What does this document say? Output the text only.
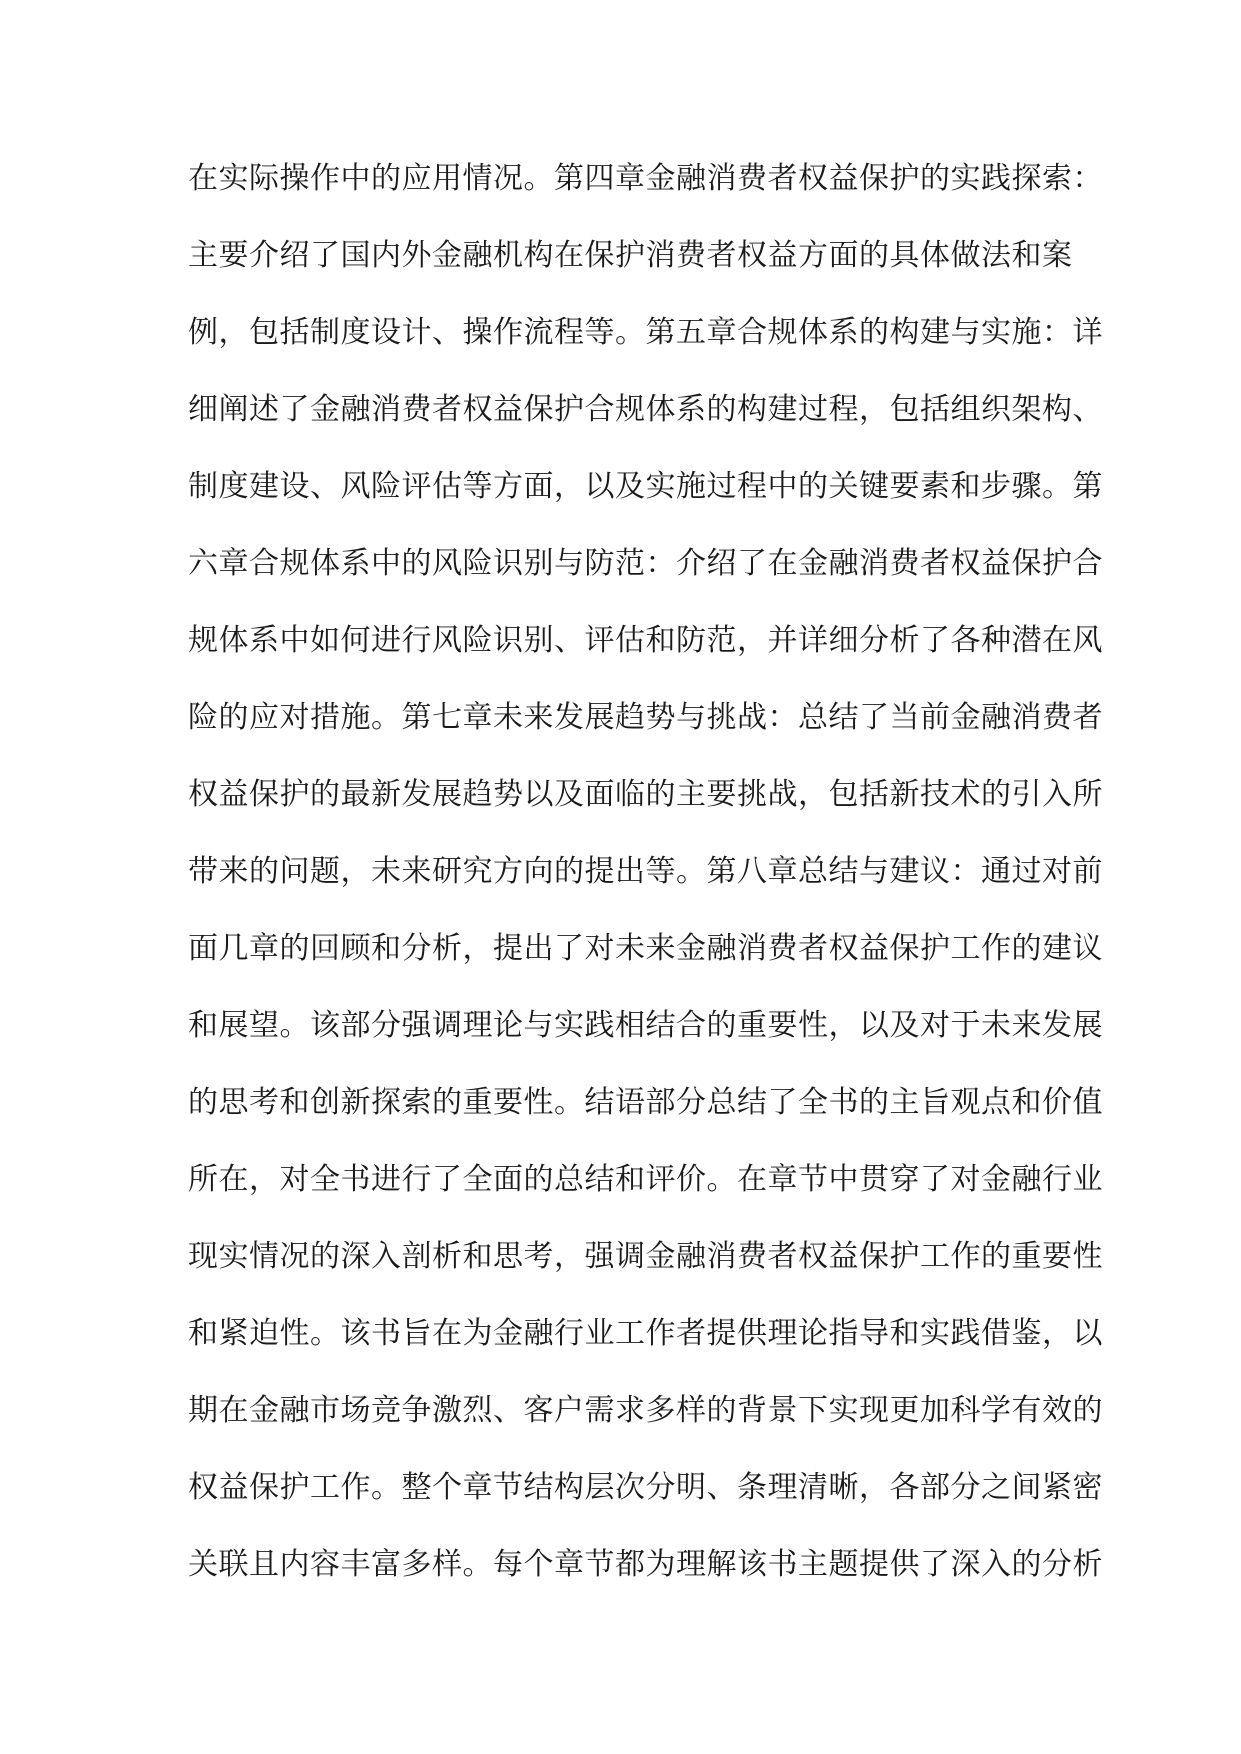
在实际操作中的应用情况。第四章金融消费者权益保护的实践探索：
主要介绍了国内外金融机构在保护消费者权益方面的具体做法和案
例，包括制度设计、操作流程等。第五章合规体系的构建与实施：详
细阐述了金融消费者权益保护合规体系的构建过程，包括组织架构、
制度建设、风险评估等方面，以及实施过程中的关键要素和步骤。第
六章合规体系中的风险识别与防范：介绍了在金融消费者权益保护合
规体系中如何进行风险识别、评估和防范，并详细分析了各种潜在风
险的应对措施。第七章未来发展趋势与挑战：总结了当前金融消费者
权益保护的最新发展趋势以及面临的主要挑战，包括新技术的引入所
带来的问题，未来研究方向的提出等。第八章总结与建议：通过对前
面几章的回顾和分析，提出了对未来金融消费者权益保护工作的建议
和展望。该部分强调理论与实践相结合的重要性，以及对于未来发展
的思考和创新探索的重要性。结语部分总结了全书的主旨观点和价值
所在，对全书进行了全面的总结和评价。在章节中贯穿了对金融行业
现实情况的深入剖析和思考，强调金融消费者权益保护工作的重要性
和紧迫性。该书旨在为金融行业工作者提供理论指导和实践借鉴，以
期在金融市场竞争激烈、客户需求多样的背景下实现更加科学有效的
权益保护工作。整个章节结构层次分明、条理清晰，各部分之间紧密
关联且内容丰富多样。每个章节都为理解该书主题提供了深入的分析
